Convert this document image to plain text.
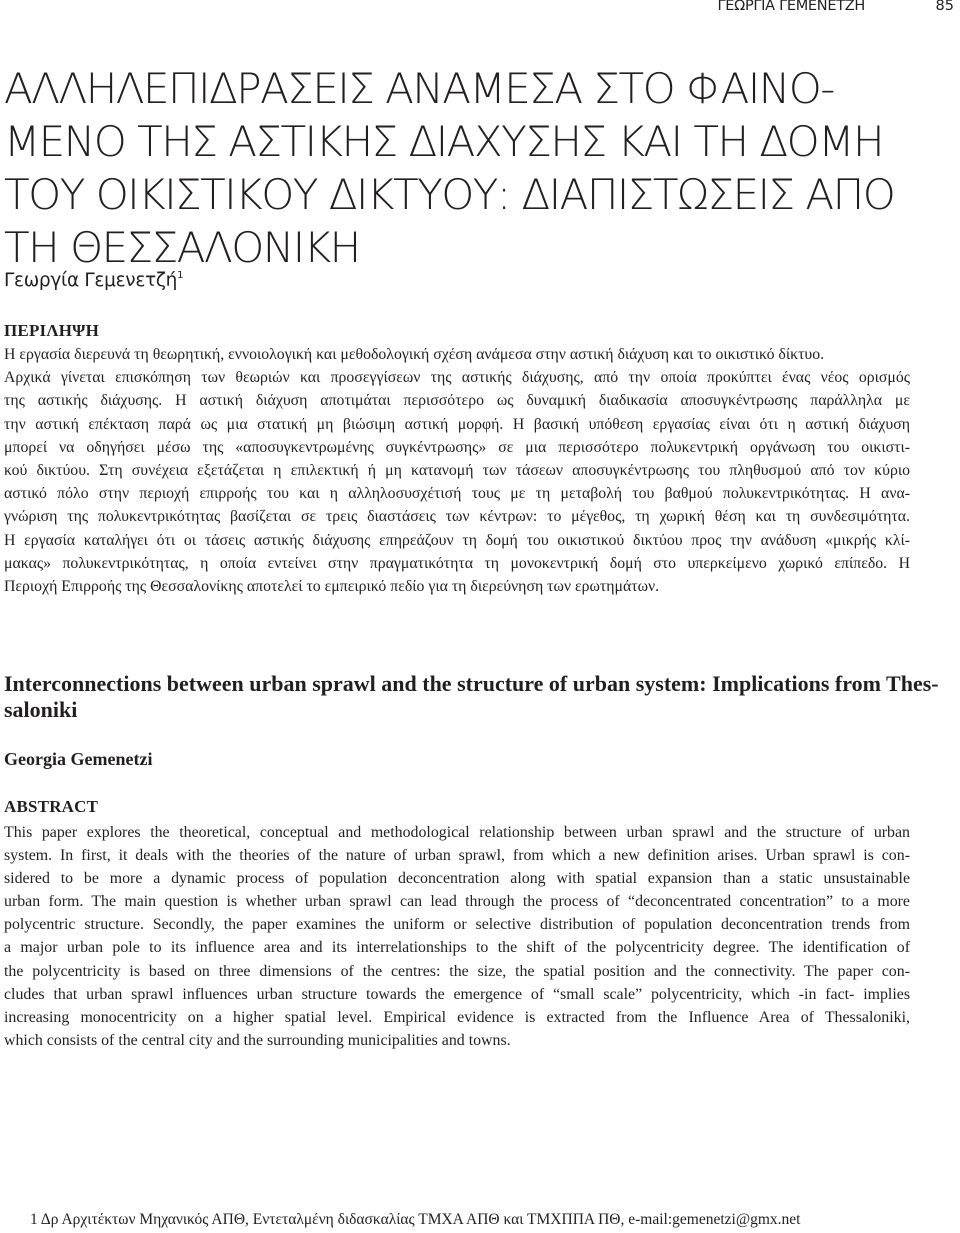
ΓΕΩΡΓΙΑ ΓΕΜΕΝΕΤΖΗ	85
ΑΛΛΗΛΕΠΙΔΡΑΣΕΙΣ ΑΝΑΜΕΣΑ ΣΤΟ ΦΑΙΝΟ-
ΜΕΝΟ ΤΗΣ ΑΣΤΙΚΗΣ ΔΙΑΧΥΣΗΣ ΚΑΙ ΤΗ ΔΟΜΗ
ΤΟΥ ΟΙΚΙΣΤΙΚΟΥ ΔΙΚΤΥΟΥ: ΔΙΑΠΙΣΤΩΣΕΙΣ ΑΠΟ
ΤΗ ΘΕΣΣΑΛΟΝΙΚΗ

Γεωργία Γεμενετζή$^1$

ΠΕΡΙΛΗΨΗ
Η εργασία διερευνά τη θεωρητική, εννοιολογική και μεθοδολογική σχέση ανάμεσα στην αστική διάχυση και το οικιστικό δίκτυο.
Αρχικά γίνεται επισκόπηση των θεωριών και προσεγγίσεων της αστικής διάχυσης, από την οποία προκύπτει ένας νέος ορισμός
της αστικής διάχυσης. Η αστική διάχυση αποτιμάται περισσότερο ως δυναμική διαδικασία αποσυγκέντρωσης παράλληλα με
την αστική επέκταση παρά ως μια στατική μη βιώσιμη αστική μορφή. Η βασική υπόθεση εργασίας είναι ότι η αστική διάχυση
μπορεί να οδηγήσει μέσω της «αποσυγκεντρωμένης συγκέντρωσης» σε μια περισσότερο πολυκεντρική οργάνωση του οικιστι-
κού δικτύου. Στη συνέχεια εξετάζεται η επιλεκτική ή μη κατανομή των τάσεων αποσυγκέντρωσης του πληθυσμού από τον κύριο
αστικό πόλο στην περιοχή επιρροής του και η αλληλοσυσχέτισή τους με τη μεταβολή του βαθμού πολυκεντρικότητας. Η ανα-
γνώριση της πολυκεντρικότητας βασίζεται σε τρεις διαστάσεις των κέντρων: το μέγεθος, τη χωρική θέση και τη συνδεσιμότητα.
Η εργασία καταλήγει ότι οι τάσεις αστικής διάχυσης επηρεάζουν τη δομή του οικιστικού δικτύου προς την ανάδυση «μικρής κλί-
μακας» πολυκεντρικότητας, η οποία εντείνει στην πραγματικότητα τη μονοκεντρική δομή στο υπερκείμενο χωρικό επίπεδο. Η
Περιοχή Επιρροής της Θεσσαλονίκης αποτελεί το εμπειρικό πεδίο για τη διερεύνηση των ερωτημάτων.
Interconnections between urban sprawl and the structure of urban system: Implications from Thes-
saloniki

Georgia Gemenetzi

ABSTRACT
This paper explores the theoretical, conceptual and methodological relationship between urban sprawl and the structure of urban
system. In first, it deals with the theories of the nature of urban sprawl, from which a new definition arises. Urban sprawl is con-
sidered to be more a dynamic process of population deconcentration along with spatial expansion than a static unsustainable
urban form. The main question is whether urban sprawl can lead through the process of “deconcentrated concentration” to a more
polycentric structure. Secondly, the paper examines the uniform or selective distribution of population deconcentration trends from
a major urban pole to its influence area and its interrelationships to the shift of the polycentricity degree. The identification of
the polycentricity is based on three dimensions of the centres: the size, the spatial position and the connectivity. The paper con-
cludes that urban sprawl influences urban structure towards the emergence of “small scale” polycentricity, which -in fact- implies
increasing monocentricity on a higher spatial level. Empirical evidence is extracted from the Influence Area of Thessaloniki,
which consists of the central city and the surrounding municipalities and towns.

1 Δρ Αρχιτέκτων Μηχανικός ΑΠΘ, Εντεταλμένη διδασκαλίας ΤΜΧΑ ΑΠΘ και ΤΜΧΠΠΑ ΠΘ, e-mail:gemenetzi@gmx.net
